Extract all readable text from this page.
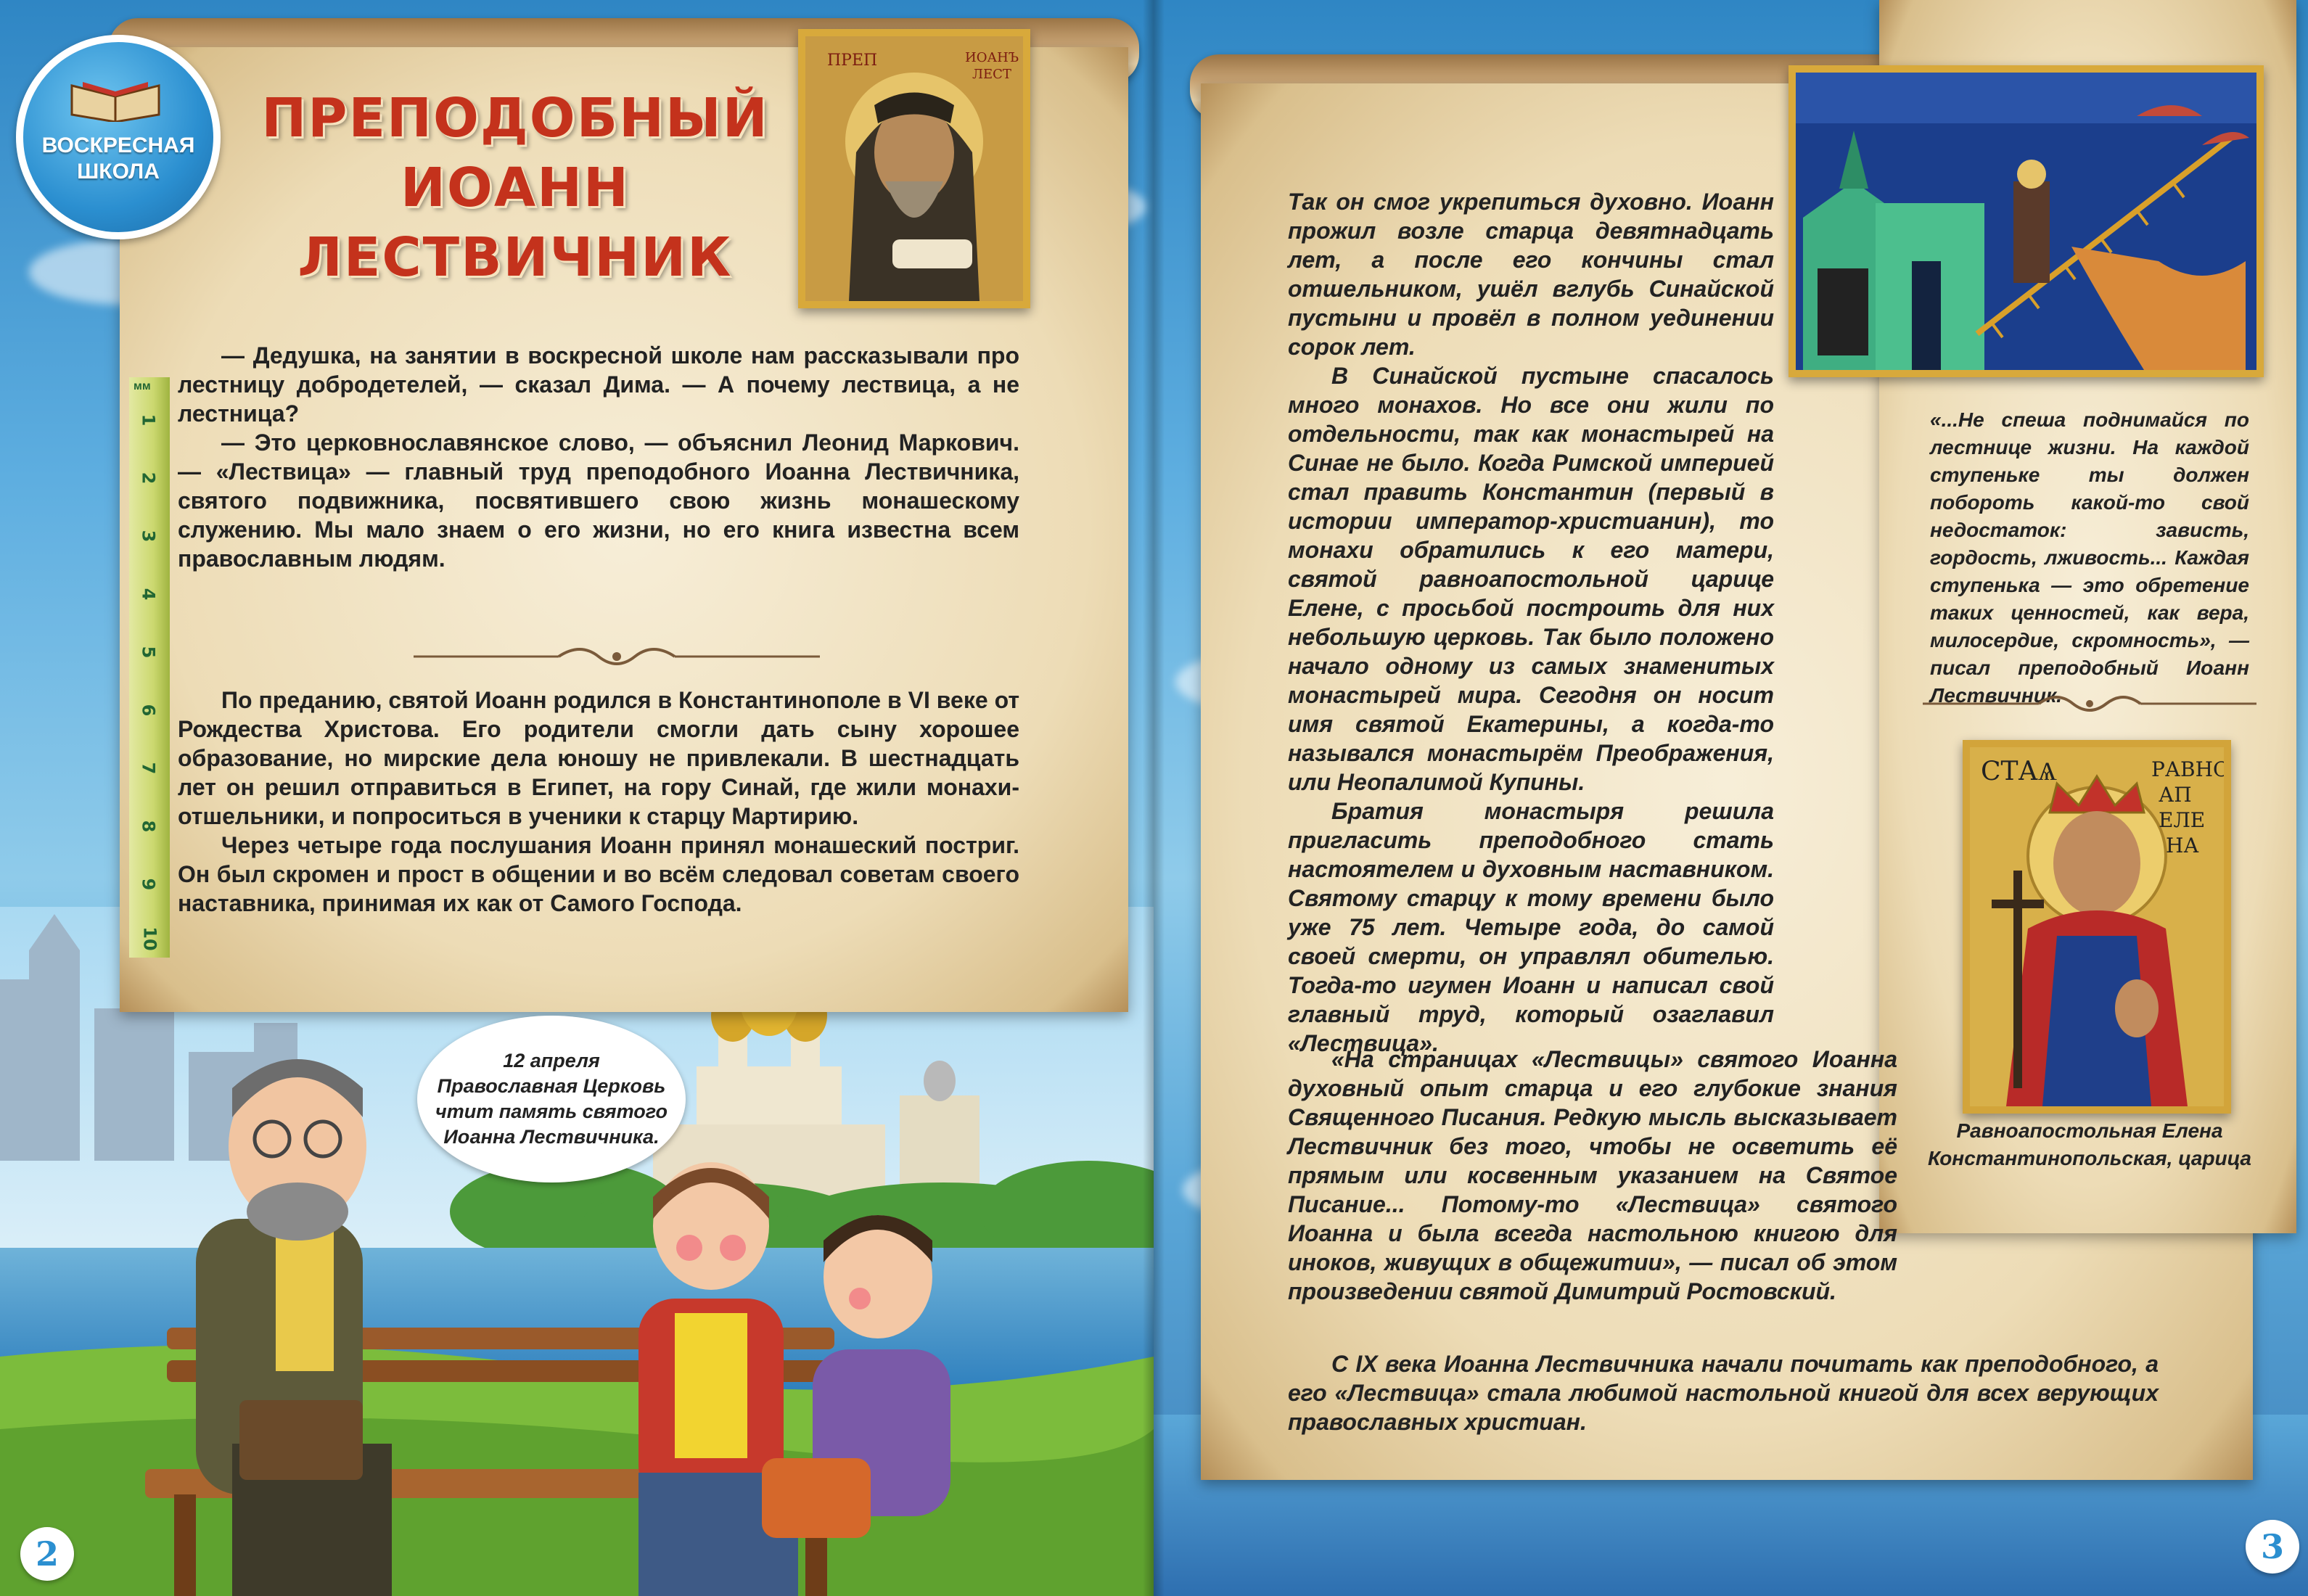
ВОСКРЕСНАЯ
ШКОЛА
ПРЕПОДОБНЫЙ
ИОАНН ЛЕСТВИЧНИК
ПРЕП	ИОАНЪ
ЛЕСТ
мм
1
2
3
4
5
6
7
8
9
10

— Дедушка, на занятии в воскресной школе нам рассказывали про лестницу добродетелей, — сказал Дима. — А почему лествица, а не лестница?

— Это церковнославянское слово, — объяснил Леонид Маркович. — «Лествица» — главный труд преподобного Иоанна Лествичника, святого подвижника, посвятившего свою жизнь монашескому служению. Мы мало знаем о его жизни, но его книга известна всем православным людям.

По преданию, святой Иоанн родился в Константинополе в VI веке от Рождества Христова. Его родители смогли дать сыну хорошее образование, но мирские дела юношу не привлекали. В шестнадцать лет он решил отправиться в Египет, на гору Синай, где жили монахи-отшельники, и попроситься в ученики к старцу Мартирию.

Через четыре года послушания Иоанн принял монашеский постриг. Он был скромен и прост в общении и во всём следовал советам своего наставника, принимая их как от Самого Господа.

12 апреля
Православная Церковь
чтит память святого
Иоанна Лествичника.
2

Так он смог укрепиться духовно. Иоанн прожил возле старца девятнадцать лет, а после его кончины стал отшельником, ушёл вглубь Синайской пустыни и провёл в полном уединении сорок лет.

В Синайской пустыне спасалось много монахов. Но все они жили по отдельности, так как монастырей на Синае не было. Когда Римской империей стал править Константин (первый в истории император-христианин), то монахи обратились к его матери, святой равноапостольной царице Елене, с просьбой построить для них небольшую церковь. Так было положено начало одному из самых знаменитых монастырей мира. Сегодня он носит имя святой Екатерины, а когда-то назывался монастырём Преображения, или Неопалимой Купины.

Братия монастыря решила пригласить преподобного стать настоятелем и духовным наставником. Святому старцу к тому времени было уже 75 лет. Четыре года, до самой своей смерти, он управлял обителью. Тогда-то игумен Иоанн и написал свой главный труд, который озаглавил «Лествица».

«На страницах «Лествицы» святого Иоанна духовный опыт старца и его глубокие знания Священного Писания. Редкую мысль высказывает Лествичник без того, чтобы не осветить её прямым или косвенным указанием на Святое Писание... Потому-то «Лествица» святого Иоанна и была всегда настольною книгою для иноков, живущих в общежитии», — писал об этом произведении святой Димитрий Ростовский.

С IX века Иоанна Лествичника начали почитать как преподобного, а его «Лествица» стала любимой настольной книгой для всех верующих православных христиан.

«...Не спеша поднимайся по лестнице жизни. На каждой ступеньке ты должен побороть какой-то свой недостаток: зависть, гордость, лживость... Каждая ступенька — это обретение таких ценностей, как вера, милосердие, скромность», — писал преподобный Иоанн Лествичник.
СТАѦ	РАВНО
АП
ЕЛЕ
НА
Равноапостольная Елена
Константинопольская, царица
3
